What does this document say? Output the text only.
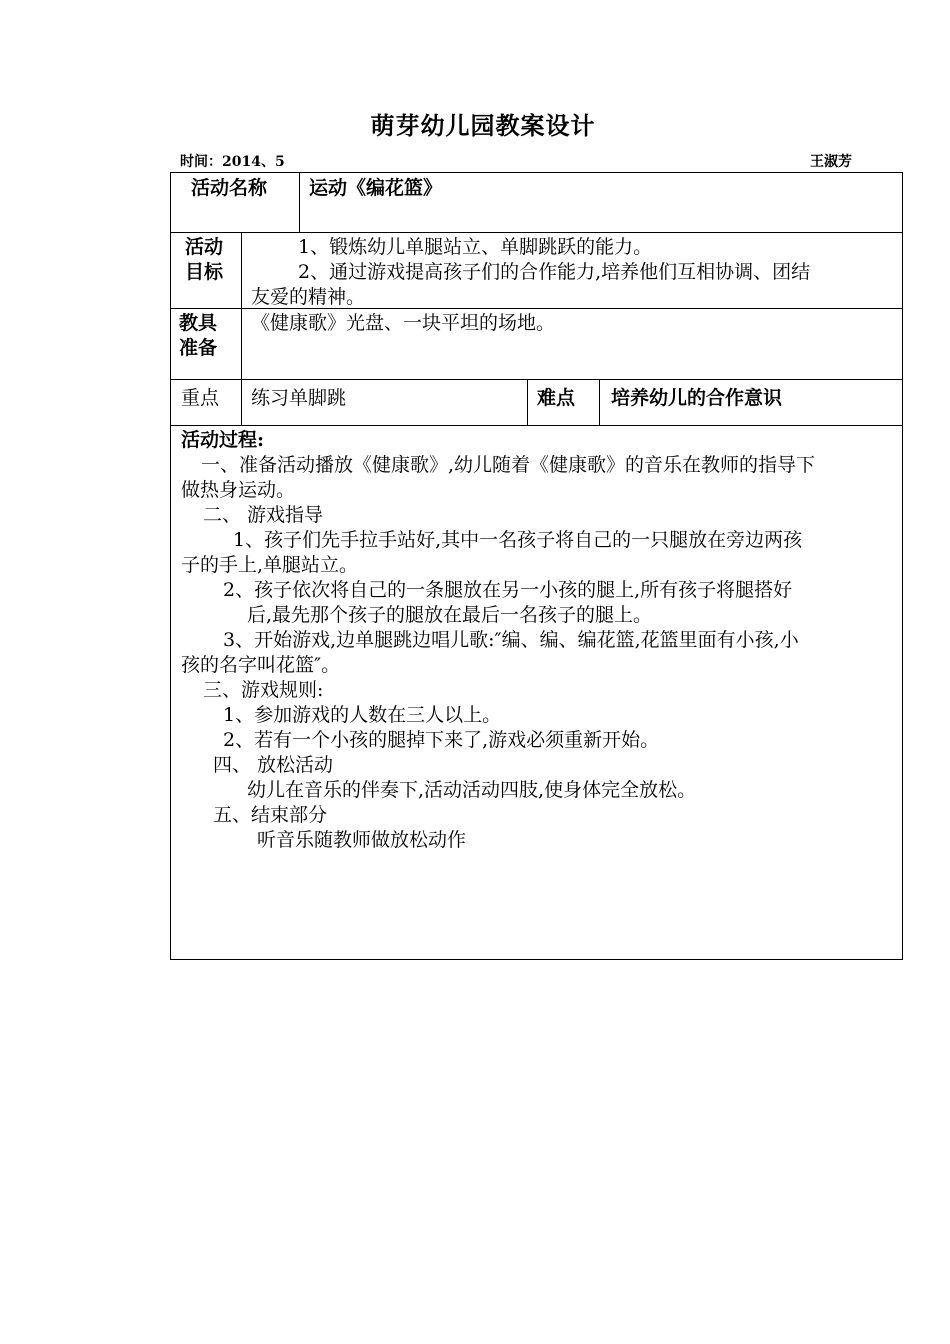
萌芽幼儿园教案设计
时间：2014、5	王淑芳
活动名称 运动《编花篮》
活动
目标
1、锻炼幼儿单腿站立、单脚跳跃的能力。
2、通过游戏提高孩子们的合作能力,培养他们互相协调、团结
友爱的精神。
教具
准备
《健康歌》光盘、一块平坦的场地。
重点 练习单脚跳	难点 培养幼儿的合作意识
活动过程:
一、准备活动播放《健康歌》,幼儿随着《健康歌》的音乐在教师的指导下
做热身运动。
二、 游戏指导
1、孩子们先手拉手站好,其中一名孩子将自己的一只腿放在旁边两孩
子的手上,单腿站立。
2、孩子依次将自己的一条腿放在另一小孩的腿上,所有孩子将腿搭好
后,最先那个孩子的腿放在最后一名孩子的腿上。
3、开始游戏,边单腿跳边唱儿歌:″编、编、编花篮,花篮里面有小孩,小
孩的名字叫花篮″。
三、游戏规则:
1、参加游戏的人数在三人以上。
2、若有一个小孩的腿掉下来了,游戏必须重新开始。
四、 放松活动
幼儿在音乐的伴奏下,活动活动四肢,使身体完全放松。
五、结束部分
听音乐随教师做放松动作
